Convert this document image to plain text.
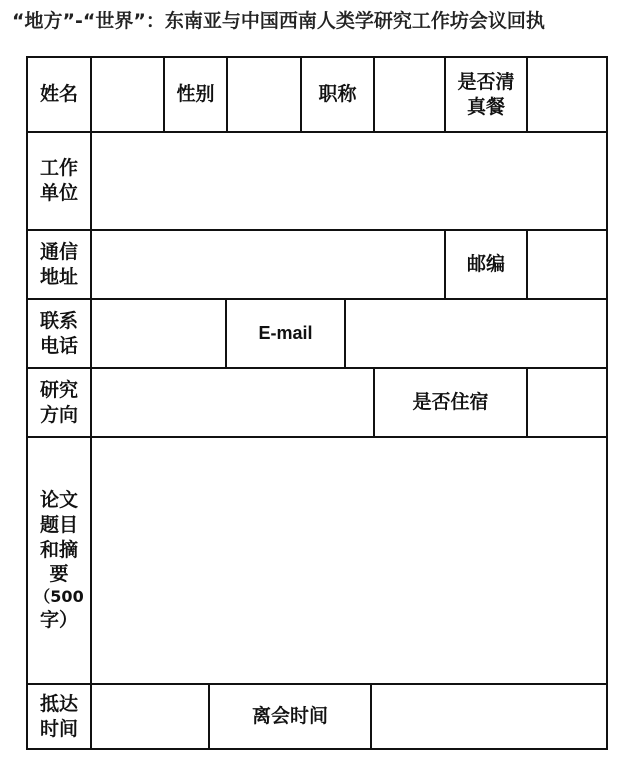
“地方”-“世界”：东南亚与中国西南人类学研究工作坊会议回执
姓名	性别	职称
是否清
真餐
工作
单位
通信
地址
邮编
联系
电话
E-mail
研究
方向
是否住宿
论文
题目
和摘
要
（500
字）
抵达
时间
离会时间
